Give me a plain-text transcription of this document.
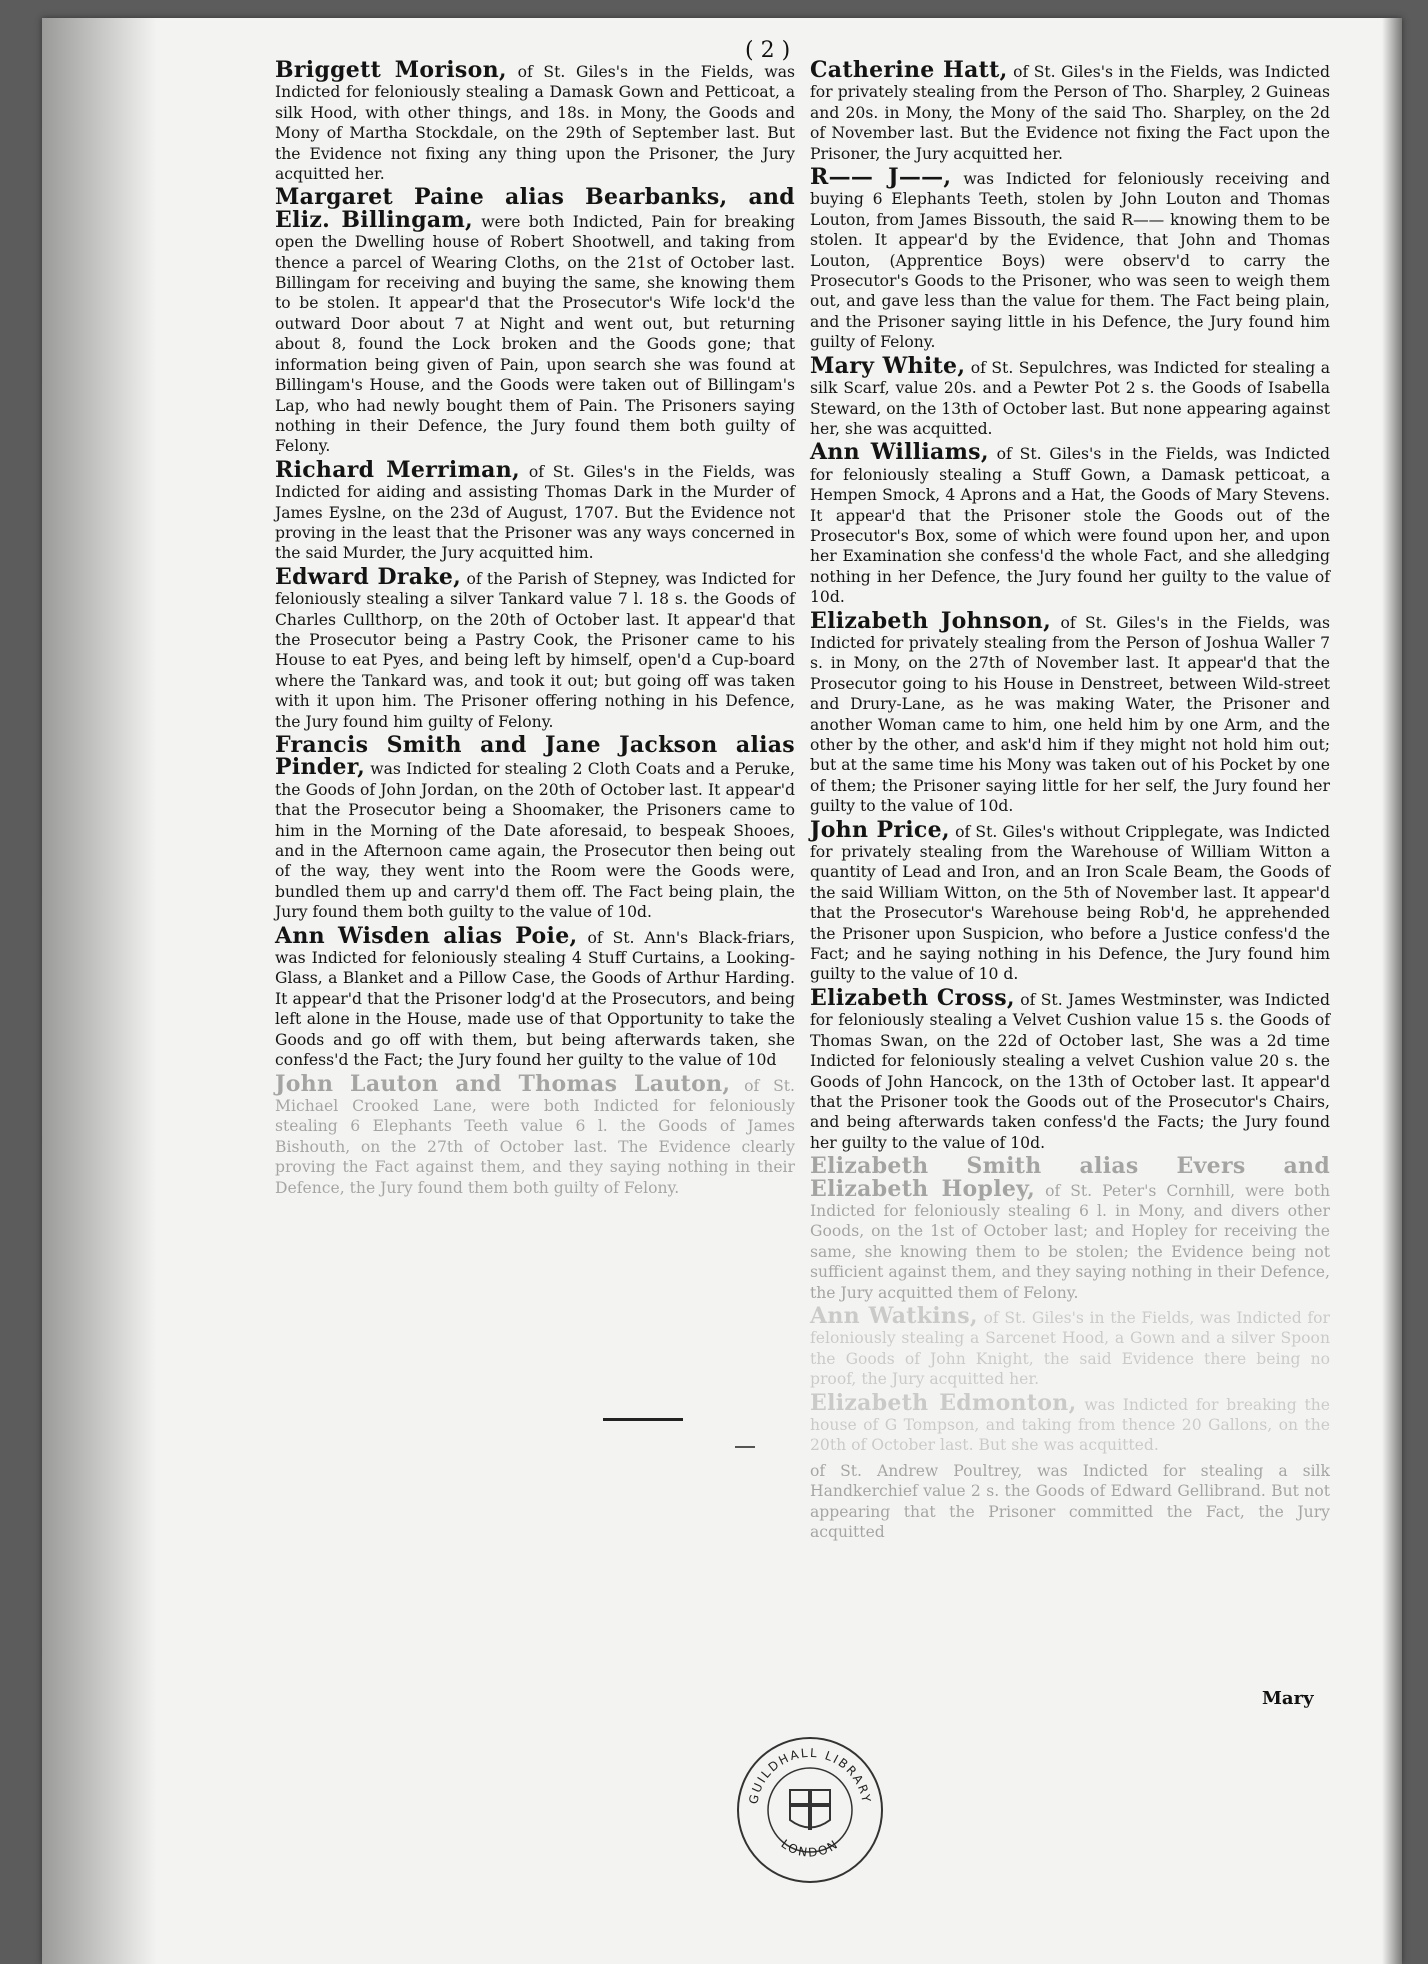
( 2 )

Briggett Morison, of St. Giles's in the Fields, was Indicted for feloniously stealing a Damask Gown and Petticoat, a silk Hood, with other things, and 18s. in Mony, the Goods and Mony of Martha Stockdale, on the 29th of September last. But the Evidence not fixing any thing upon the Prisoner, the Jury acquitted her.

Margaret Paine alias Bearbanks, and Eliz. Billingam, were both Indicted, Pain for breaking open the Dwelling house of Robert Shootwell, and taking from thence a parcel of Wearing Cloths, on the 21st of October last. Billingam for receiving and buying the same, she knowing them to be stolen. It appear'd that the Prosecutor's Wife lock'd the outward Door about 7 at Night and went out, but returning about 8, found the Lock broken and the Goods gone; that information being given of Pain, upon search she was found at Billingam's House, and the Goods were taken out of Billingam's Lap, who had newly bought them of Pain. The Prisoners saying nothing in their Defence, the Jury found them both guilty of Felony.

Richard Merriman, of St. Giles's in the Fields, was Indicted for aiding and assisting Thomas Dark in the Murder of James Eyslne, on the 23d of August, 1707. But the Evidence not proving in the least that the Prisoner was any ways concerned in the said Murder, the Jury acquitted him.

Edward Drake, of the Parish of Stepney, was Indicted for feloniously stealing a silver Tankard value 7 l. 18 s. the Goods of Charles Cullthorp, on the 20th of October last. It appear'd that the Prosecutor being a Pastry Cook, the Prisoner came to his House to eat Pyes, and being left by himself, open'd a Cup-board where the Tankard was, and took it out; but going off was taken with it upon him. The Prisoner offering nothing in his Defence, the Jury found him guilty of Felony.

Francis Smith and Jane Jackson alias Pinder, was Indicted for stealing 2 Cloth Coats and a Peruke, the Goods of John Jordan, on the 20th of October last. It appear'd that the Prosecutor being a Shoomaker, the Prisoners came to him in the Morning of the Date aforesaid, to bespeak Shooes, and in the Afternoon came again, the Prosecutor then being out of the way, they went into the Room were the Goods were, bundled them up and carry'd them off. The Fact being plain, the Jury found them both guilty to the value of 10d.

Ann Wisden alias Poie, of St. Ann's Black-friars, was Indicted for feloniously stealing 4 Stuff Curtains, a Looking-Glass, a Blanket and a Pillow Case, the Goods of Arthur Harding. It appear'd that the Prisoner lodg'd at the Prosecutors, and being left alone in the House, made use of that Opportunity to take the Goods and go off with them, but being afterwards taken, she confess'd the Fact; the Jury found her guilty to the value of 10d

John Lauton and Thomas Lauton, of St. Michael Crooked Lane, were both Indicted for feloniously stealing 6 Elephants Teeth value 6 l. the Goods of James Bishouth, on the 27th of October last. The Evidence clearly proving the Fact against them, and they saying nothing in their Defence, the Jury found them both guilty of Felony.

Catherine Hatt, of St. Giles's in the Fields, was Indicted for privately stealing from the Person of Tho. Sharpley, 2 Guineas and 20s. in Mony, the Mony of the said Tho. Sharpley, on the 2d of November last. But the Evidence not fixing the Fact upon the Prisoner, the Jury acquitted her.

R—— J——, was Indicted for feloniously receiving and buying 6 Elephants Teeth, stolen by John Louton and Thomas Louton, from James Bissouth, the said R—— knowing them to be stolen. It appear'd by the Evidence, that John and Thomas Louton, (Apprentice Boys) were observ'd to carry the Prosecutor's Goods to the Prisoner, who was seen to weigh them out, and gave less than the value for them. The Fact being plain, and the Prisoner saying little in his Defence, the Jury found him guilty of Felony.

Mary White, of St. Sepulchres, was Indicted for stealing a silk Scarf, value 20s. and a Pewter Pot 2 s. the Goods of Isabella Steward, on the 13th of October last. But none appearing against her, she was acquitted.

Ann Williams, of St. Giles's in the Fields, was Indicted for feloniously stealing a Stuff Gown, a Damask petticoat, a Hempen Smock, 4 Aprons and a Hat, the Goods of Mary Stevens. It appear'd that the Prisoner stole the Goods out of the Prosecutor's Box, some of which were found upon her, and upon her Examination she confess'd the whole Fact, and she alledging nothing in her Defence, the Jury found her guilty to the value of 10d.

Elizabeth Johnson, of St. Giles's in the Fields, was Indicted for privately stealing from the Person of Joshua Waller 7 s. in Mony, on the 27th of November last. It appear'd that the Prosecutor going to his House in Denstreet, between Wild-street and Drury-Lane, as he was making Water, the Prisoner and another Woman came to him, one held him by one Arm, and the other by the other, and ask'd him if they might not hold him out; but at the same time his Mony was taken out of his Pocket by one of them; the Prisoner saying little for her self, the Jury found her guilty to the value of 10d.

John Price, of St. Giles's without Cripplegate, was Indicted for privately stealing from the Warehouse of William Witton a quantity of Lead and Iron, and an Iron Scale Beam, the Goods of the said William Witton, on the 5th of November last. It appear'd that the Prosecutor's Warehouse being Rob'd, he apprehended the Prisoner upon Suspicion, who before a Justice confess'd the Fact; and he saying nothing in his Defence, the Jury found him guilty to the value of 10 d.

Elizabeth Cross, of St. James Westminster, was Indicted for feloniously stealing a Velvet Cushion value 15 s. the Goods of Thomas Swan, on the 22d of October last, She was a 2d time Indicted for feloniously stealing a velvet Cushion value 20 s. the Goods of John Hancock, on the 13th of October last. It appear'd that the Prisoner took the Goods out of the Prosecutor's Chairs, and being afterwards taken confess'd the Facts; the Jury found her guilty to the value of 10d.

Elizabeth Smith alias Evers and Elizabeth Hopley, of St. Peter's Cornhill, were both Indicted for feloniously stealing 6 l. in Mony, and divers other Goods, on the 1st of October last; and Hopley for receiving the same, she knowing them to be stolen; the Evidence being not sufficient against them, and they saying nothing in their Defence, the Jury acquitted them of Felony.

Ann Watkins, of St. Giles's in the Fields, was Indicted for feloniously stealing a Sarcenet Hood, a Gown and a silver Spoon the Goods of John Knight, the said Evidence there being no proof, the Jury acquitted her.

Elizabeth Edmonton, was Indicted for breaking the house of G Tompson, and taking from thence 20 Gallons, on the 20th of October last. But she was acquitted.

of St. Andrew Poultrey, was Indicted for stealing a silk Handkerchief value 2 s. the Goods of Edward Gellibrand. But not appearing that the Prisoner committed the Fact, the Jury acquitted

Mary
GUILDHALL LIBRARY
LONDON
